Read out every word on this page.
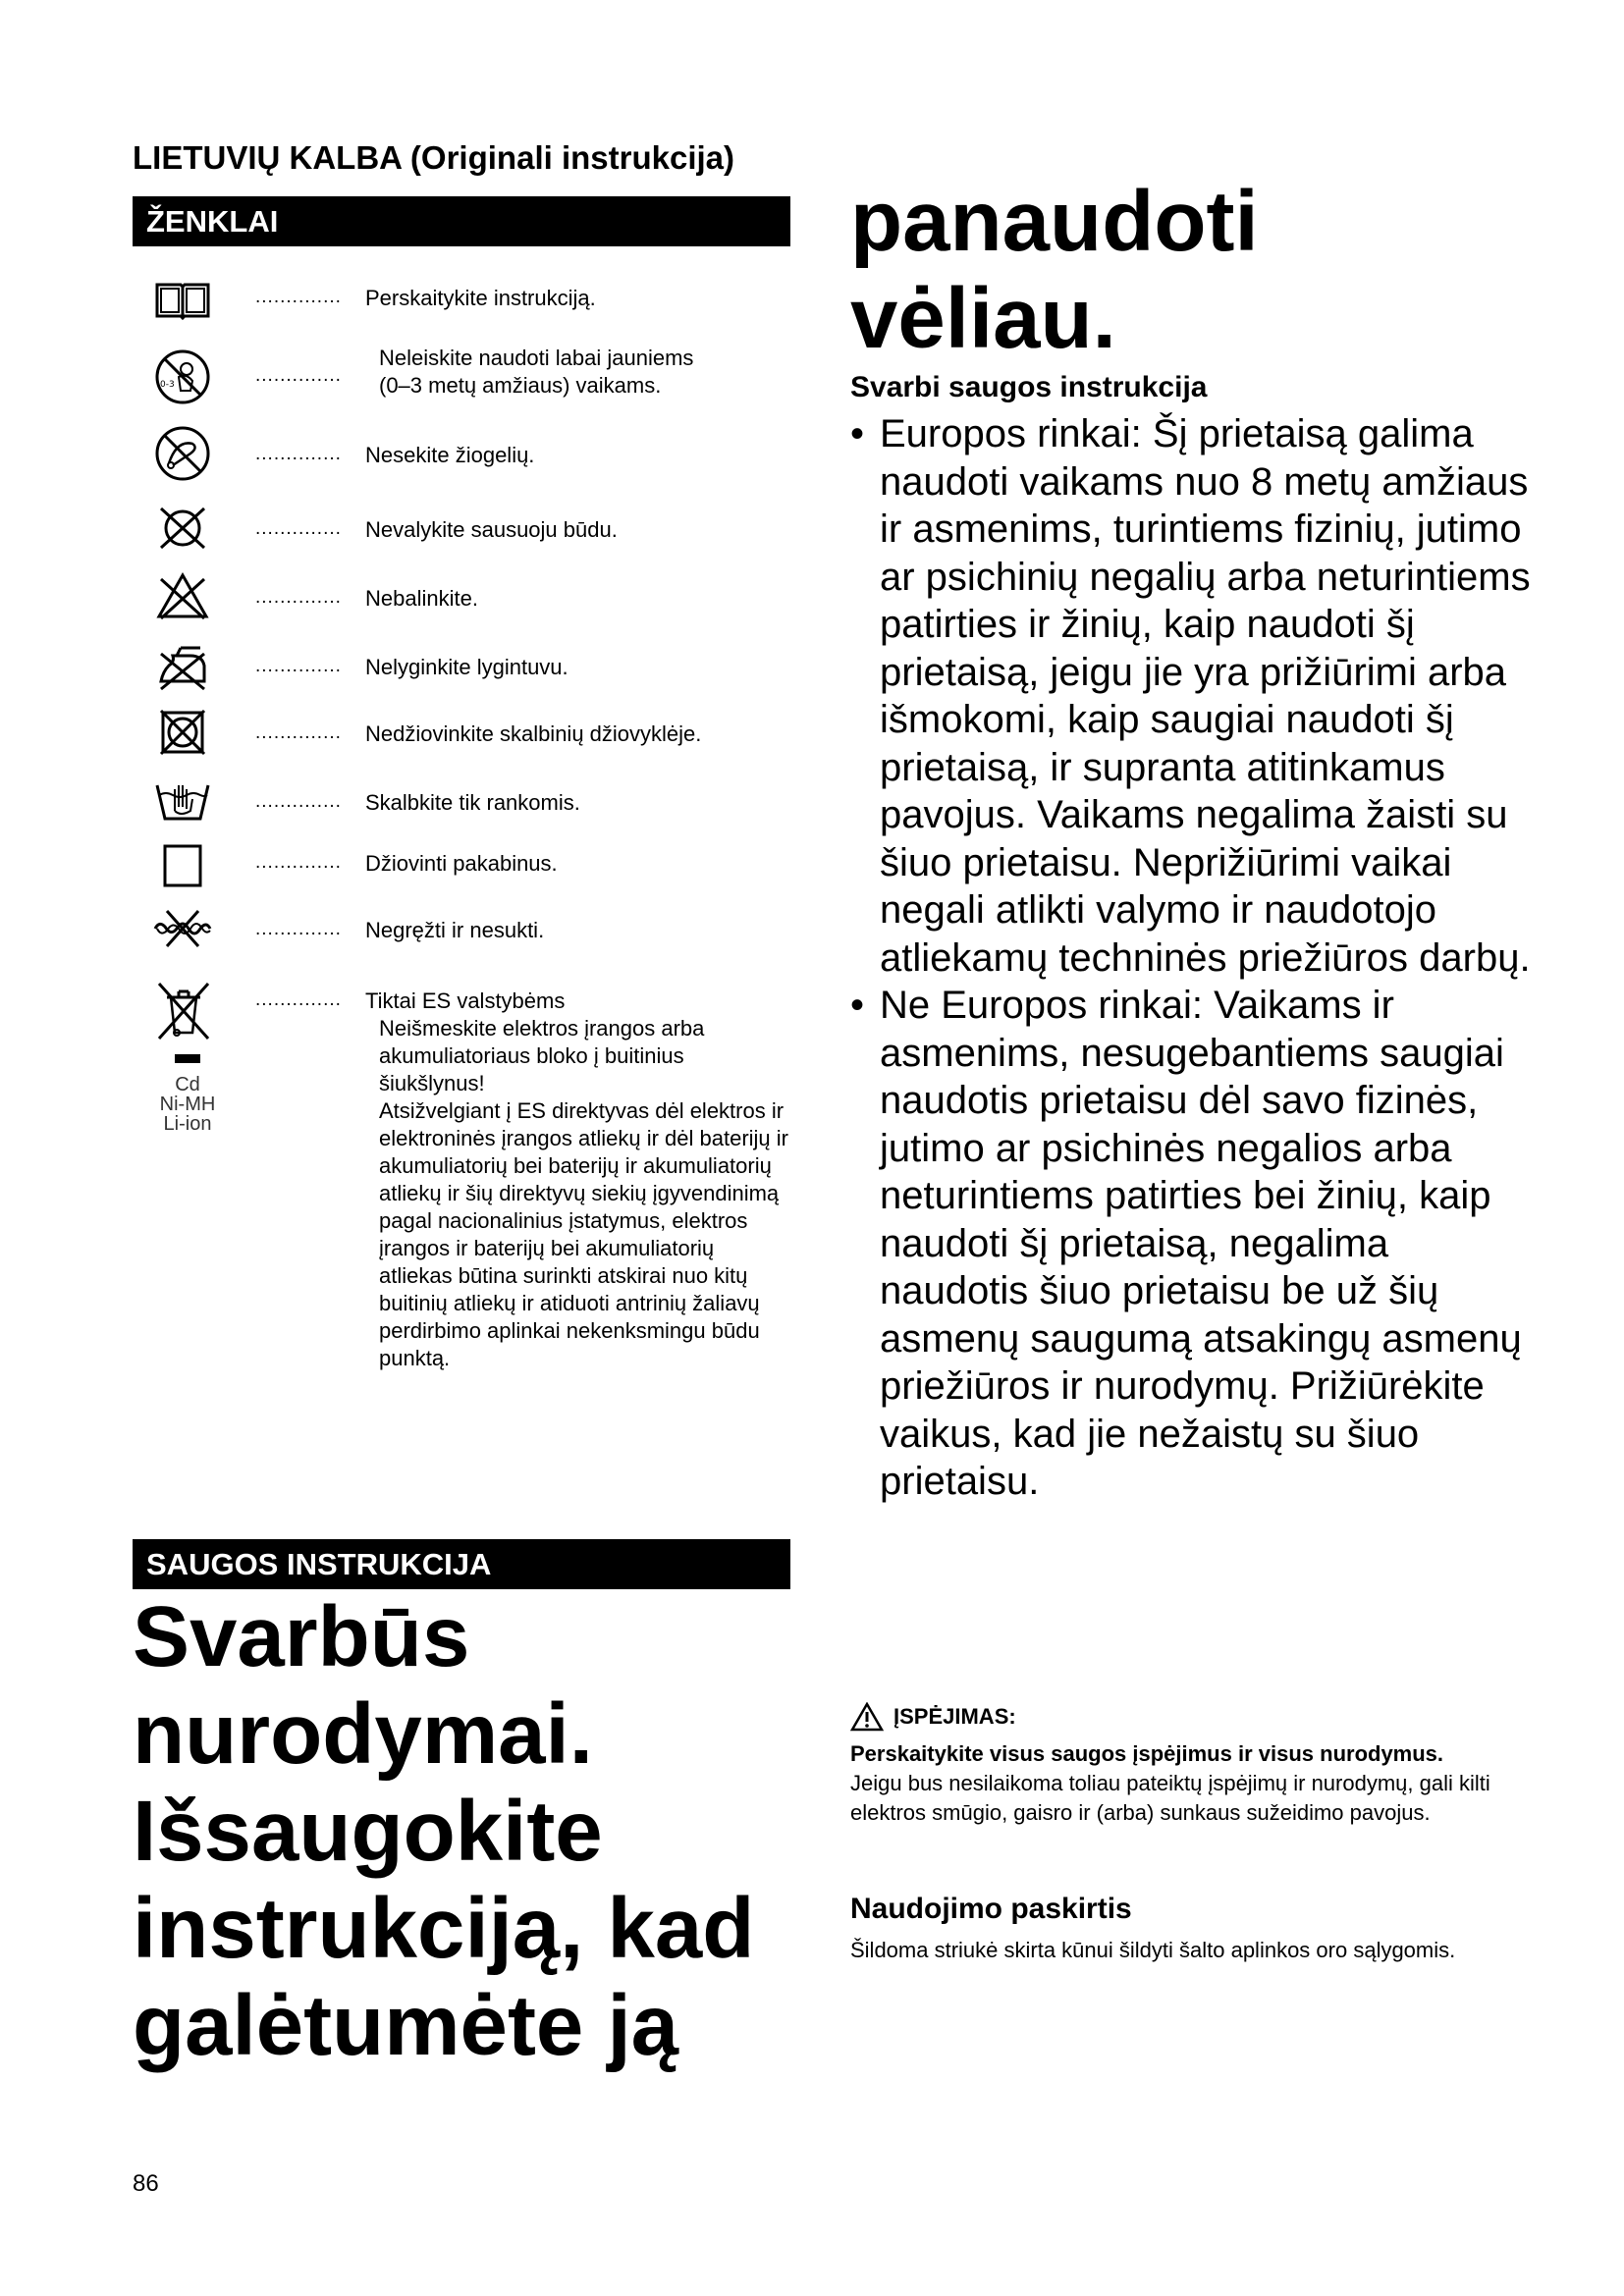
LIETUVIŲ KALBA (Originali instrukcija)
ŽENKLAI
.............. Perskaitykite instrukciją.
0-3	..............
Neleiskite naudoti labai jauniems
(0–3 metų amžiaus) vaikams.
.............. Nesekite žiogelių.
.............. Nevalykite sausuoju būdu.
.............. Nebalinkite.
.............. Nelyginkite lygintuvu.
.............. Nedžiovinkite skalbinių džiovyklėje.
.............. Skalbkite tik rankomis.
.............. Džiovinti pakabinus.
.............. Negręžti ir nesukti.
Cd
Ni-MH
Li-ion
.............. Tiktai ES valstybėms

Neišmeskite elektros įrangos arba akumuliatoriaus bloko į buitinius šiukšlynus!

Atsižvelgiant į ES direktyvas dėl elektros ir elektroninės įrangos atliekų ir dėl baterijų ir akumuliatorių bei baterijų ir akumuliatorių atliekų ir šių direktyvų siekių įgyvendinimą pagal nacionalinius įstatymus, elektros įrangos ir baterijų bei akumuliatorių atliekas būtina surinkti atskirai nuo kitų buitinių atliekų ir atiduoti antrinių žaliavų perdirbimo aplinkai nekenksmingu būdu punktą.

SAUGOS INSTRUKCIJA
Svarbūs nurodymai. Išsaugokite instrukciją, kad galėtumėte ją
panaudoti vėliau.
Svarbi saugos instrukcija
• Europos rinkai: Šį prietaisą galima naudoti vaikams nuo 8 metų amžiaus ir asmenims, turintiems fizinių, jutimo ar psichinių negalių arba neturintiems patirties ir žinių, kaip naudoti šį prietaisą, jeigu jie yra prižiūrimi arba išmokomi, kaip saugiai naudoti šį prietaisą, ir supranta atitinkamus pavojus. Vaikams negalima žaisti su šiuo prietaisu. Neprižiūrimi vaikai negali atlikti valymo ir naudotojo atliekamų techninės priežiūros darbų.
• Ne Europos rinkai: Vaikams ir asmenims, nesugebantiems saugiai naudotis prietaisu dėl savo fizinės, jutimo ar psichinės negalios arba neturintiems patirties bei žinių, kaip naudoti šį prietaisą, negalima naudotis šiuo prietaisu be už šių asmenų saugumą atsakingų asmenų priežiūros ir nurodymų. Prižiūrėkite vaikus, kad jie nežaistų su šiuo prietaisu.
ĮSPĖJIMAS:
Perskaitykite visus saugos įspėjimus ir visus nurodymus. Jeigu bus nesilaikoma toliau pateiktų įspėjimų ir nurodymų, gali kilti elektros smūgio, gaisro ir (arba) sunkaus sužeidimo pavojus.
Naudojimo paskirtis
Šildoma striukė skirta kūnui šildyti šalto aplinkos oro sąlygomis.
86
